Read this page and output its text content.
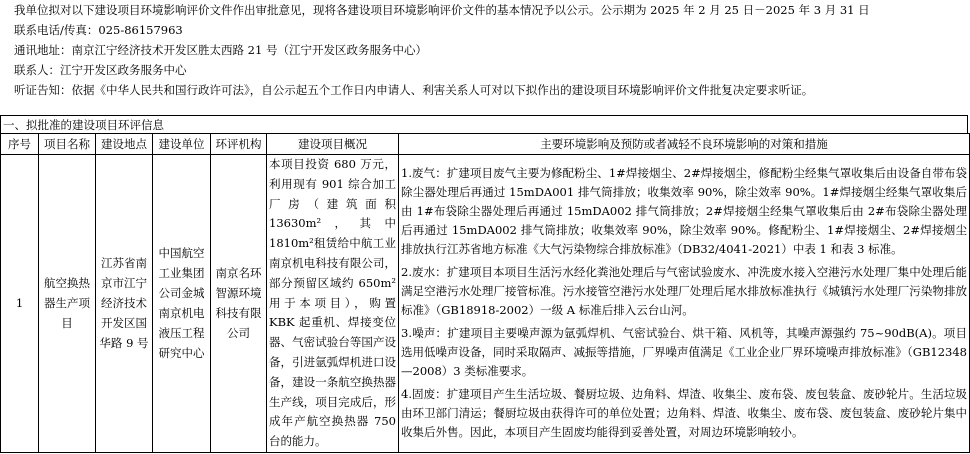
我单位拟对以下建设项目环境影响评价文件作出审批意见，现将各建设项目环境影响评价文件的基本情况予以公示。公示期为 2025 年 2 月 25 日－2025 年 3 月 31 日
联系电话/传真：025-86157963
通讯地址：南京江宁经济技术开发区胜太西路 21 号（江宁开发区政务服务中心）
联系人：江宁开发区政务服务中心
听证告知：依据《中华人民共和国行政许可法》，自公示起五个工作日内申请人、利害关系人可对以下拟作出的建设项目环境影响评价文件批复决定要求听证。
一、拟批准的建设项目环评信息
序号	项目名称	建设地点	建设单位	环评机构	建设项目概况	主要环境影响及预防或者减轻不良环境影响的对策和措施
1	航空换热器生产项目	江苏省南京市江宁经济技术开发区国华路 9 号	中国航空工业集团公司金城南京机电液压工程研究中心	南京名环智源环境科技有限公司	本项目投资 680 万元，利用现有 901 综合加工厂房（建筑面积 13630m²，其中 1810m²租赁给中航工业南京机电科技有限公司，部分预留区域约 650m²用于本项目），购置 KBK 起重机、焊接变位器、气密试验台等国产设备，引进氩弧焊机进口设备，建设一条航空换热器生产线，项目完成后，形成年产航空换热器 750 台的能力。	1.废气：扩建项目废气主要为修配粉尘、1#焊接烟尘、2#焊接烟尘，修配粉尘经集气罩收集后由设备自带布袋除尘器处理后再通过 15mDA001 排气筒排放；收集效率 90%，除尘效率 90%。1#焊接烟尘经集气罩收集后由 1#布袋除尘器处理后再通过 15mDA002 排气筒排放；2#焊接烟尘经集气罩收集后由 2#布袋除尘器处理后再通过 15mDA002 排气筒排放；收集效率 90%，除尘效率 90%。修配粉尘、1#焊接烟尘、2#焊接烟尘排放执行江苏省地方标准《大气污染物综合排放标准》（DB32/4041-2021）中表 1 和表 3 标准。
2.废水：扩建项目本项目生活污水经化粪池处理后与气密试验废水、冲洗废水接入空港污水处理厂集中处理后能满足空港污水处理厂接管标准。污水接管空港污水处理厂处理后尾水排放标准执行《城镇污水处理厂污染物排放标准》（GB18918-2002）一级 A 标准后排入云台山河。
3.噪声：扩建项目主要噪声源为氩弧焊机、气密试验台、烘干箱、风机等，其噪声源强约 75~90dB(A)。项目选用低噪声设备，同时采取隔声、减振等措施，厂界噪声值满足《工业企业厂界环境噪声排放标准》（GB12348—2008）3 类标准要求。
4.固废：扩建项目产生生活垃圾、餐厨垃圾、边角料、焊渣、收集尘、废布袋、废包装盒、废砂轮片。生活垃圾由环卫部门清运；餐厨垃圾由获得许可的单位处置；边角料、焊渣、收集尘、废布袋、废包装盒、废砂轮片集中收集后外售。因此，本项目产生固废均能得到妥善处置，对周边环境影响较小。
